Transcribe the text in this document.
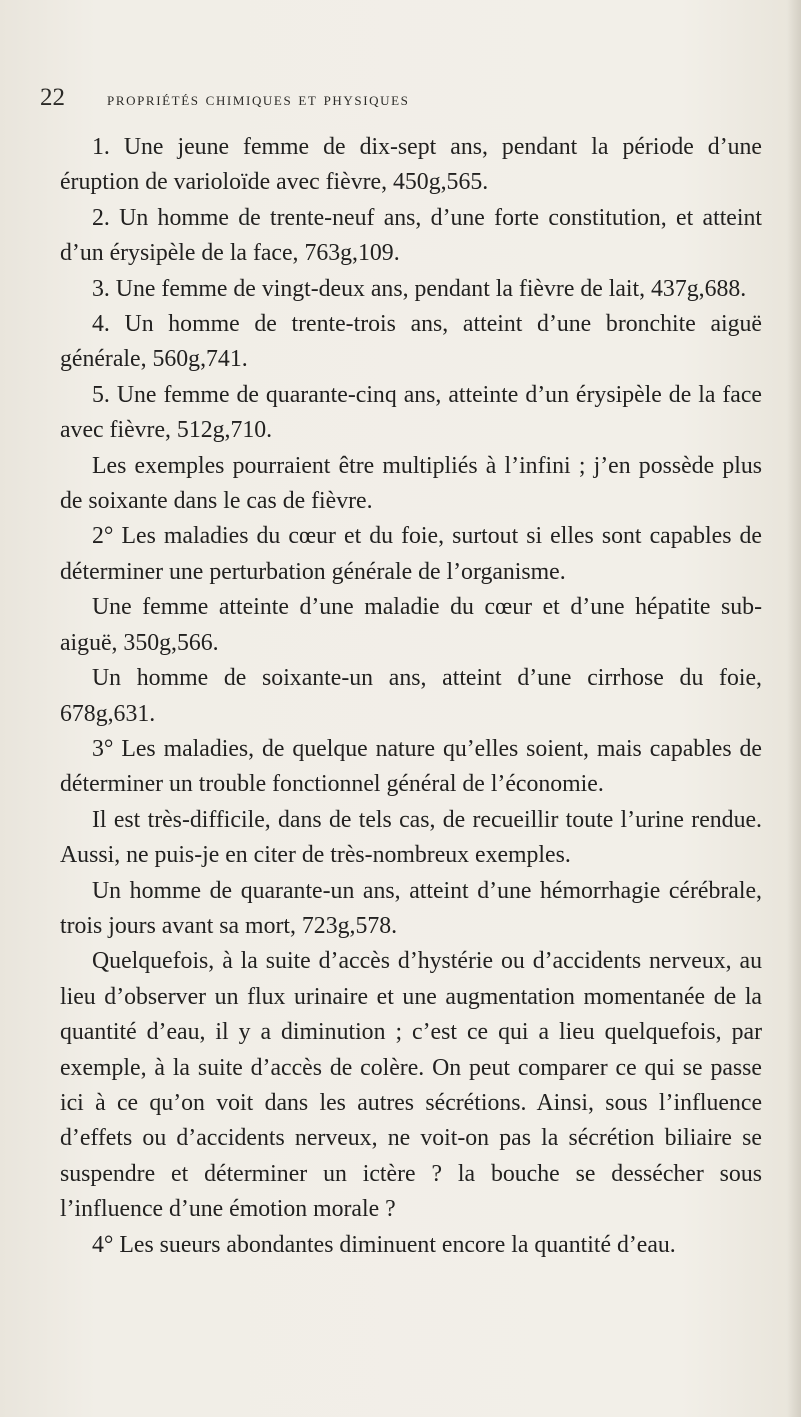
22 propriétés chimiques et physiques

1. Une jeune femme de dix-sept ans, pendant la période d’une éruption de varioloïde avec fièvre, 450g,565.

2. Un homme de trente-neuf ans, d’une forte constitution, et atteint d’un érysipèle de la face, 763g,109.

3. Une femme de vingt-deux ans, pendant la fièvre de lait, 437g,688.

4. Un homme de trente-trois ans, atteint d’une bronchite aiguë générale, 560g,741.

5. Une femme de quarante-cinq ans, atteinte d’un érysipèle de la face avec fièvre, 512g,710.

Les exemples pourraient être multipliés à l’infini ; j’en possède plus de soixante dans le cas de fièvre.

2° Les maladies du cœur et du foie, surtout si elles sont capables de déterminer une perturbation générale de l’organisme.

Une femme atteinte d’une maladie du cœur et d’une hépatite sub-aiguë, 350g,566.

Un homme de soixante-un ans, atteint d’une cirrhose du foie, 678g,631.

3° Les maladies, de quelque nature qu’elles soient, mais capables de déterminer un trouble fonctionnel général de l’économie.

Il est très-difficile, dans de tels cas, de recueillir toute l’urine rendue. Aussi, ne puis-je en citer de très-nombreux exemples.

Un homme de quarante-un ans, atteint d’une hémorrhagie cérébrale, trois jours avant sa mort, 723g,578.

Quelquefois, à la suite d’accès d’hystérie ou d’accidents nerveux, au lieu d’observer un flux urinaire et une augmentation momentanée de la quantité d’eau, il y a diminution ; c’est ce qui a lieu quelquefois, par exemple, à la suite d’accès de colère. On peut comparer ce qui se passe ici à ce qu’on voit dans les autres sécrétions. Ainsi, sous l’influence d’effets ou d’accidents nerveux, ne voit-on pas la sécrétion biliaire se suspendre et déterminer un ictère ? la bouche se dessécher sous l’influence d’une émotion morale ?

4° Les sueurs abondantes diminuent encore la quantité d’eau.
